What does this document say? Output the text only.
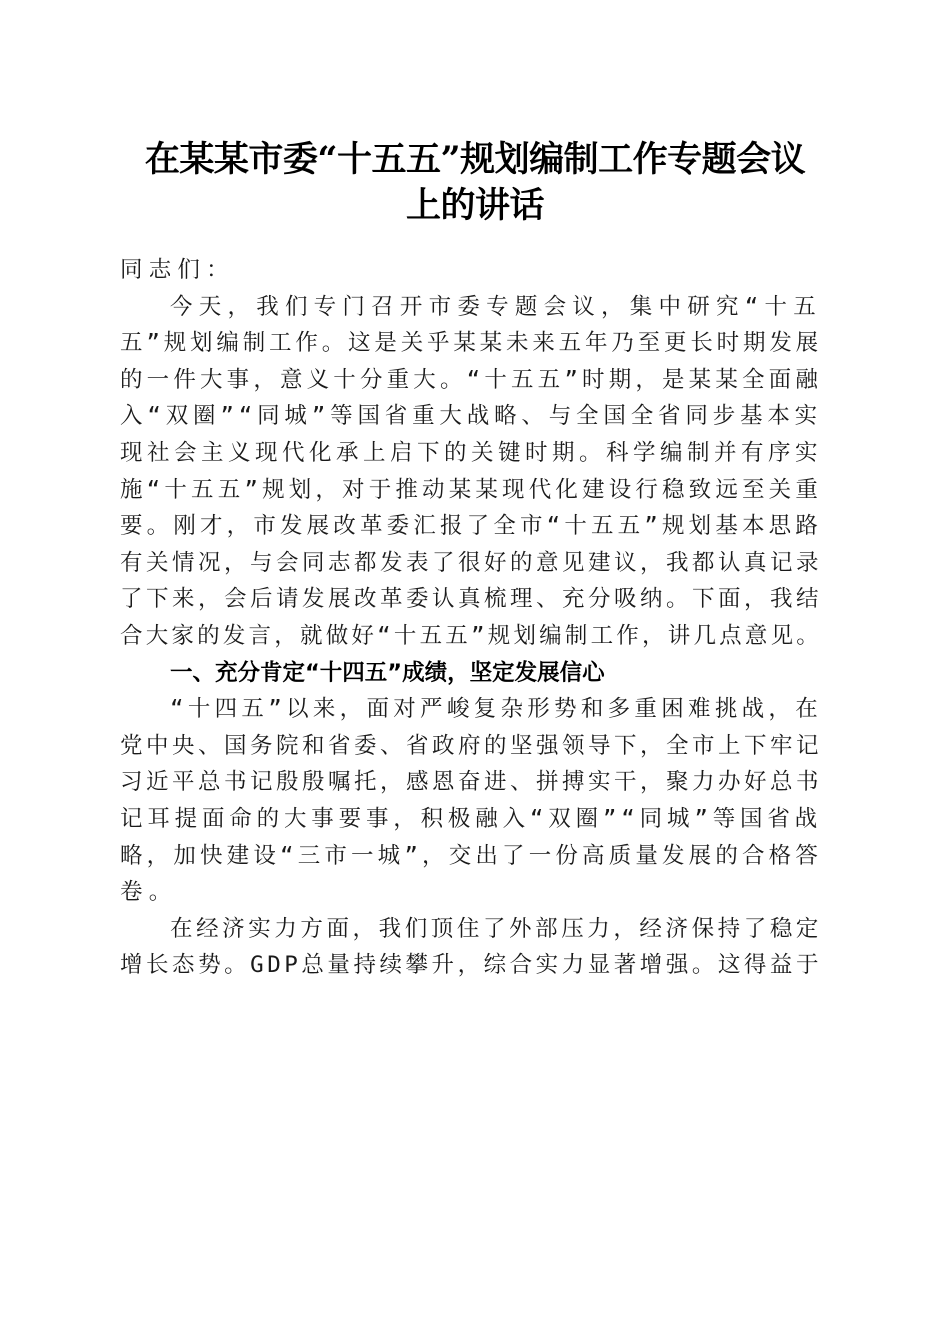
在某某市委“十五五”规划编制工作专题会议
上的讲话
同志们：
今天，我们专门召开市委专题会议，集中研究“十五
五”规划编制工作。这是关乎某某未来五年乃至更长时期发展
的一件大事，意义十分重大。“十五五”时期，是某某全面融
入“双圈”“同城”等国省重大战略、与全国全省同步基本实
现社会主义现代化承上启下的关键时期。科学编制并有序实
施“十五五”规划，对于推动某某现代化建设行稳致远至关重
要。刚才，市发展改革委汇报了全市“十五五”规划基本思路
有关情况，与会同志都发表了很好的意见建议，我都认真记录
了下来，会后请发展改革委认真梳理、充分吸纳。下面，我结
合大家的发言，就做好“十五五”规划编制工作，讲几点意见。

一、充分肯定“十四五”成绩，坚定发展信心

“十四五”以来，面对严峻复杂形势和多重困难挑战，在
党中央、国务院和省委、省政府的坚强领导下，全市上下牢记
习近平总书记殷殷嘱托，感恩奋进、拼搏实干，聚力办好总书
记耳提面命的大事要事，积极融入“双圈”“同城”等国省战
略，加快建设“三市一城”，交出了一份高质量发展的合格答
卷。
在经济实力方面，我们顶住了外部压力，经济保持了稳定
增长态势。GDP总量持续攀升，综合实力显著增强。这得益于
